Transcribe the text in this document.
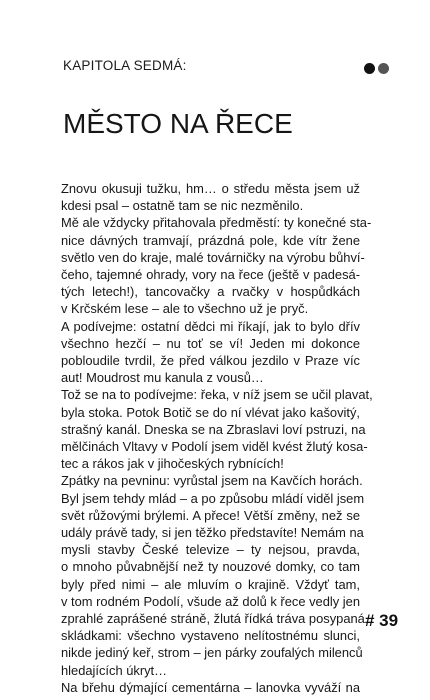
KAPITOLA SEDMÁ:
MĚSTO NA ŘECE
Znovu okusuji tužku, hm… o středu města jsem už
kdesi psal – ostatně tam se nic nezměnilo.
Mě ale vždycky přitahovala předměstí: ty konečné sta-
nice dávných tramvají, prázdná pole, kde vítr žene
světlo ven do kraje, malé továrničky na výrobu bůhví-
čeho, tajemné ohrady, vory na řece (ještě v padesá-
tých letech!), tancovačky a rvačky v hospůdkách
v Krčském lese – ale to všechno už je pryč.
A podívejme: ostatní dědci mi říkají, jak to bylo dřív
všechno hezčí – nu toť se ví! Jeden mi dokonce
pobloudile tvrdil, že před válkou jezdilo v Praze víc
aut! Moudrost mu kanula z vousů…
Tož se na to podívejme: řeka, v níž jsem se učil plavat,
byla stoka. Potok Botič se do ní vlévat jako kašovitý,
strašný kanál. Dneska se na Zbraslavi loví pstruzi, na
mělčinách Vltavy v Podolí jsem viděl kvést žlutý kosa-
tec a rákos jak v jihočeských rybnících!
Zpátky na pevninu: vyrůstal jsem na Kavčích horách.
Byl jsem tehdy mlád – a po způsobu mládí viděl jsem
svět růžovými brýlemi. A přece! Větší změny, než se
udály právě tady, si jen těžko představíte! Nemám na
mysli stavby České televize – ty nejsou, pravda,
o mnoho půvabnější než ty nouzové domky, co tam
byly před nimi – ale mluvím o krajině. Vždyť tam,
v tom rodném Podolí, všude až dolů k řece vedly jen
zprahlé zaprášené stráně, žlutá řídká tráva posypaná
skládkami: všechno vystaveno nelítostnému slunci,
nikde jediný keř, strom – jen párky zoufalých milenců
hledajících úkryt…
Na břehu dýmající cementárna – lanovka vyváží na
# 39
